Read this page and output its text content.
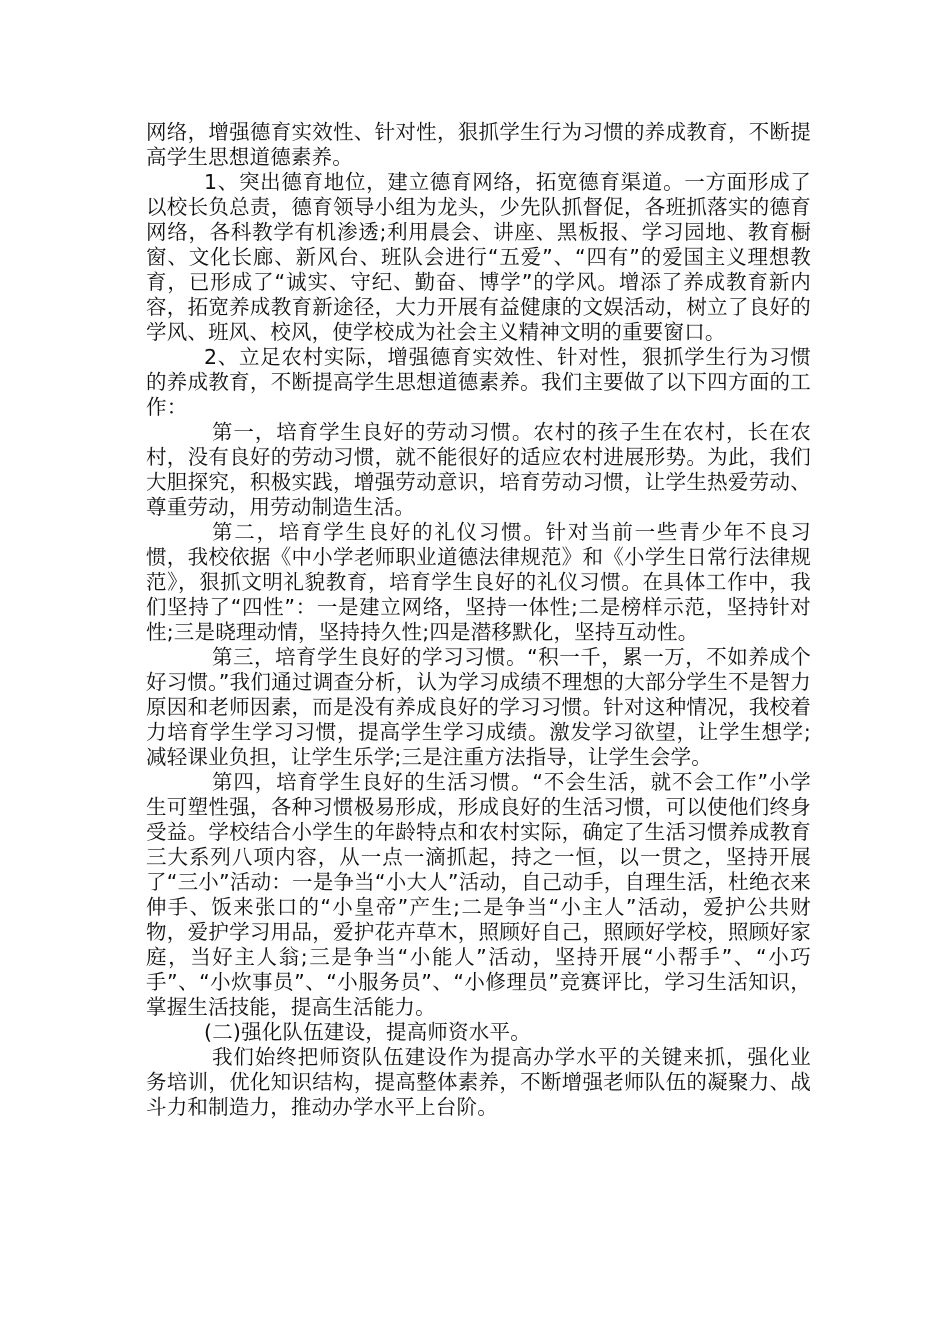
网络，增强德育实效性、针对性，狠抓学生行为习惯的养成教育，不断提高学生思想道德素养。

1、突出德育地位，建立德育网络，拓宽德育渠道。一方面形成了以校长负总责，德育领导小组为龙头，少先队抓督促，各班抓落实的德育网络，各科教学有机渗透;利用晨会、讲座、黑板报、学习园地、教育橱窗、文化长廊、新风台、班队会进行“五爱”、“四有”的爱国主义理想教育，已形成了“诚实、守纪、勤奋、博学”的学风。增添了养成教育新内容，拓宽养成教育新途径，大力开展有益健康的文娱活动，树立了良好的学风、班风、校风，使学校成为社会主义精神文明的重要窗口。

2、立足农村实际，增强德育实效性、针对性，狠抓学生行为习惯的养成教育，不断提高学生思想道德素养。我们主要做了以下四方面的工作：

第一，培育学生良好的劳动习惯。农村的孩子生在农村，长在农村，没有良好的劳动习惯，就不能很好的适应农村进展形势。为此，我们大胆探究，积极实践，增强劳动意识，培育劳动习惯，让学生热爱劳动、尊重劳动，用劳动制造生活。

第二，培育学生良好的礼仪习惯。针对当前一些青少年不良习惯，我校依据《中小学老师职业道德法律规范》和《小学生日常行法律规范》，狠抓文明礼貌教育，培育学生良好的礼仪习惯。在具体工作中，我们坚持了“四性”：一是建立网络，坚持一体性;二是榜样示范，坚持针对性;三是晓理动情，坚持持久性;四是潜移默化，坚持互动性。

第三，培育学生良好的学习习惯。“积一千，累一万，不如养成个好习惯。”我们通过调查分析，认为学习成绩不理想的大部分学生不是智力原因和老师因素，而是没有养成良好的学习习惯。针对这种情况，我校着力培育学生学习习惯，提高学生学习成绩。激发学习欲望，让学生想学;减轻课业负担，让学生乐学;三是注重方法指导，让学生会学。

第四，培育学生良好的生活习惯。“不会生活，就不会工作”小学生可塑性强，各种习惯极易形成，形成良好的生活习惯，可以使他们终身受益。学校结合小学生的年龄特点和农村实际，确定了生活习惯养成教育三大系列八项内容，从一点一滴抓起，持之一恒，以一贯之，坚持开展了“三小”活动：一是争当“小大人”活动，自己动手，自理生活，杜绝衣来伸手、饭来张口的“小皇帝”产生;二是争当“小主人”活动，爱护公共财物，爱护学习用品，爱护花卉草木，照顾好自己，照顾好学校，照顾好家庭，当好主人翁;三是争当“小能人”活动，坚持开展“小帮手”、“小巧手”、“小炊事员”、“小服务员”、“小修理员”竞赛评比，学习生活知识，掌握生活技能，提高生活能力。

(二)强化队伍建设，提高师资水平。

我们始终把师资队伍建设作为提高办学水平的关键来抓，强化业务培训，优化知识结构，提高整体素养，不断增强老师队伍的凝聚力、战斗力和制造力，推动办学水平上台阶。
